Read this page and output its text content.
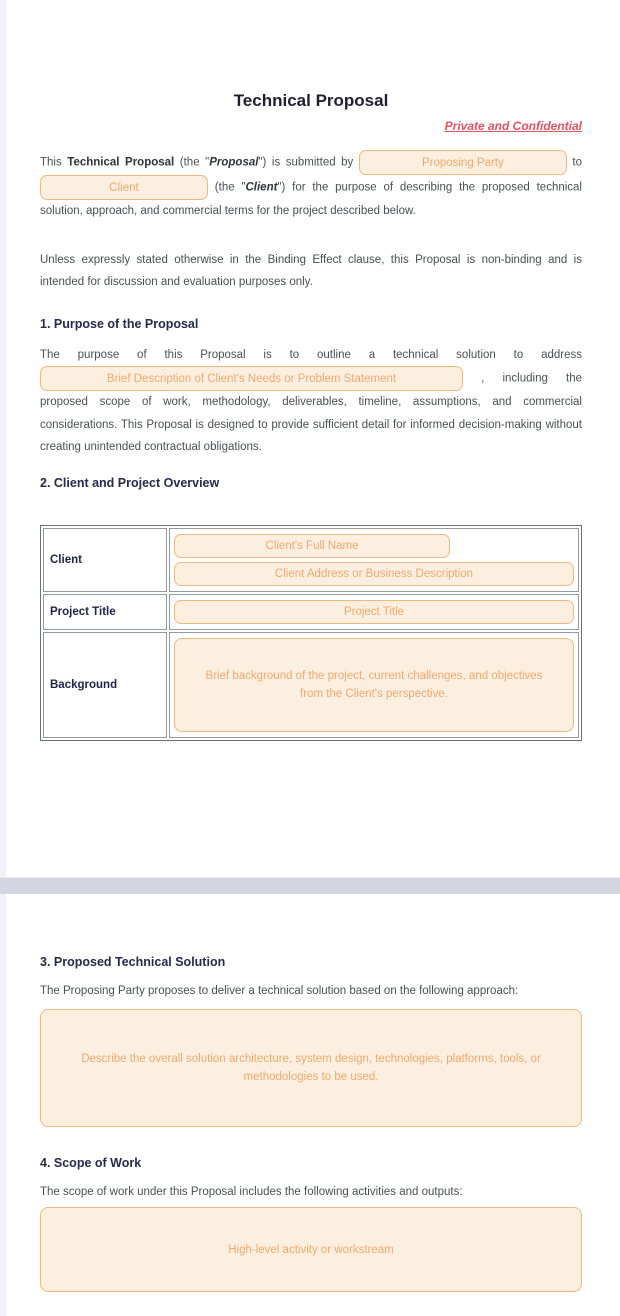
Technical Proposal
Private and Confidential

This Technical Proposal (the "Proposal") is submitted by	Proposing Party	to Client	(the "Client") for the purpose of describing the proposed technical solution, approach, and commercial terms for the project described below.

Unless expressly stated otherwise in the Binding Effect clause, this Proposal is non-binding and is intended for discussion and evaluation purposes only.

1. Purpose of the Proposal

The purpose of this Proposal is to outline a technical solution to address Brief Description of Client's Needs or Problem Statement	, including the proposed scope of work, methodology, deliverables, timeline, assumptions, and commercial considerations. This Proposal is designed to provide sufficient detail for informed decision-making without creating unintended contractual obligations.

2. Client and Project Overview
Client	Client's Full Name
Client Address or Business Description

Project Title	Project Title

Background	Brief background of the project, current challenges, and objectives from the Client's perspective.
3. Proposed Technical Solution

The Proposing Party proposes to deliver a technical solution based on the following approach:

Describe the overall solution architecture, system design, technologies, platforms, tools, or methodologies to be used.
4. Scope of Work

The scope of work under this Proposal includes the following activities and outputs:

High-level activity or workstream
